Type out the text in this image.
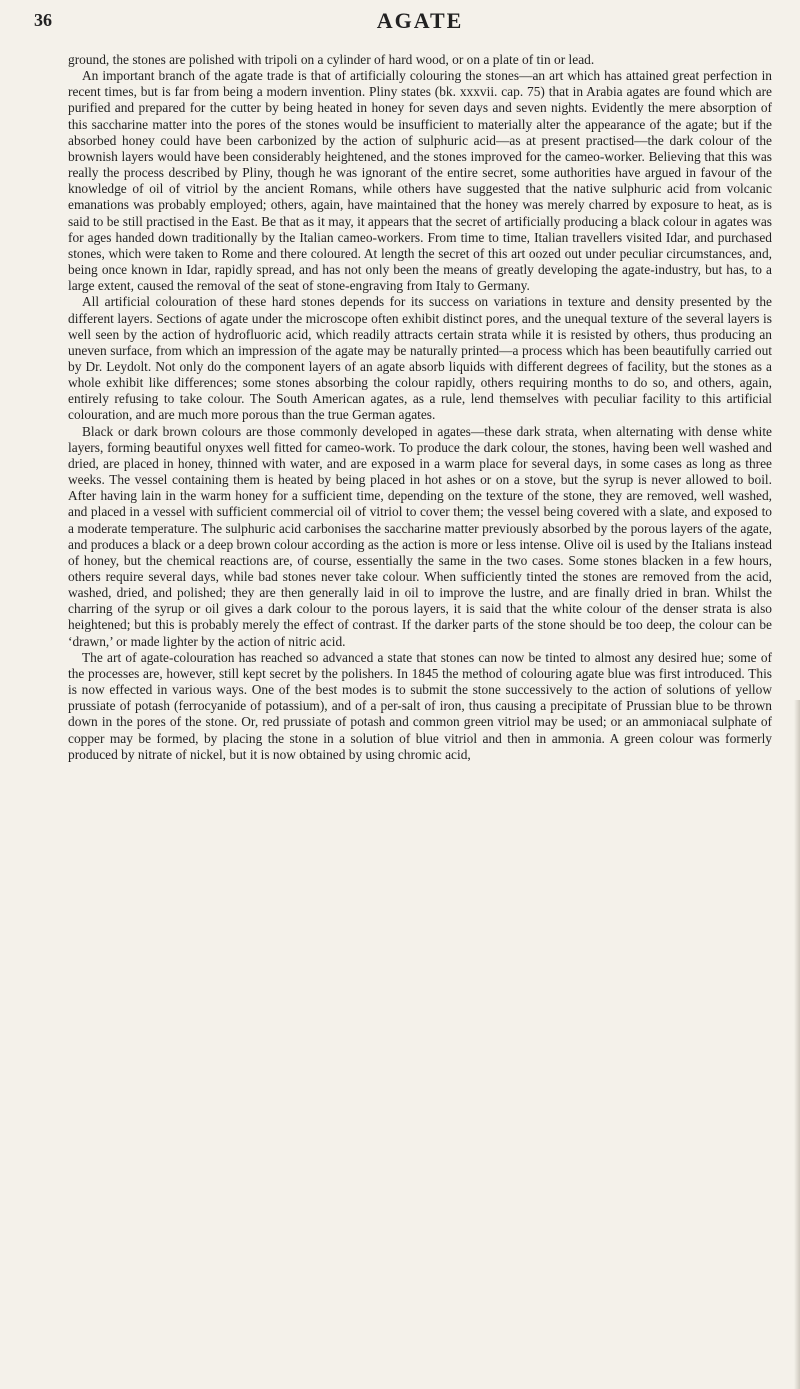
36	AGATE

ground, the stones are polished with tripoli on a cylinder of hard wood, or on a plate of tin or lead.

An important branch of the agate trade is that of artificially colouring the stones—an art which has attained great perfection in recent times, but is far from being a modern invention. Pliny states (bk. xxxvii. cap. 75) that in Arabia agates are found which are purified and prepared for the cutter by being heated in honey for seven days and seven nights. Evidently the mere absorption of this saccharine matter into the pores of the stones would be insufficient to materially alter the appearance of the agate; but if the absorbed honey could have been carbonized by the action of sulphuric acid—as at present practised—the dark colour of the brownish layers would have been considerably heightened, and the stones improved for the cameo-worker. Believing that this was really the process described by Pliny, though he was ignorant of the entire secret, some authorities have argued in favour of the knowledge of oil of vitriol by the ancient Romans, while others have suggested that the native sulphuric acid from volcanic emanations was probably employed; others, again, have maintained that the honey was merely charred by exposure to heat, as is said to be still practised in the East. Be that as it may, it appears that the secret of artificially producing a black colour in agates was for ages handed down traditionally by the Italian cameo-workers. From time to time, Italian travellers visited Idar, and purchased stones, which were taken to Rome and there coloured. At length the secret of this art oozed out under peculiar circumstances, and, being once known in Idar, rapidly spread, and has not only been the means of greatly developing the agate-industry, but has, to a large extent, caused the removal of the seat of stone-engraving from Italy to Germany.

All artificial colouration of these hard stones depends for its success on variations in texture and density presented by the different layers. Sections of agate under the microscope often exhibit distinct pores, and the unequal texture of the several layers is well seen by the action of hydrofluoric acid, which readily attracts certain strata while it is resisted by others, thus producing an uneven surface, from which an impression of the agate may be naturally printed—a process which has been beautifully carried out by Dr. Leydolt. Not only do the component layers of an agate absorb liquids with different degrees of facility, but the stones as a whole exhibit like differences; some stones absorbing the colour rapidly, others requiring months to do so, and others, again, entirely refusing to take colour. The South American agates, as a rule, lend themselves with peculiar facility to this artificial colouration, and are much more porous than the true German agates.

Black or dark brown colours are those commonly developed in agates—these dark strata, when alternating with dense white layers, forming beautiful onyxes well fitted for cameo-work. To produce the dark colour, the stones, having been well washed and dried, are placed in honey, thinned with water, and are exposed in a warm place for several days, in some cases as long as three weeks. The vessel containing them is heated by being placed in hot ashes or on a stove, but the syrup is never allowed to boil. After having lain in the warm honey for a sufficient time, depending on the texture of the stone, they are removed, well washed, and placed in a vessel with sufficient commercial oil of vitriol to cover them; the vessel being covered with a slate, and exposed to a moderate temperature. The sulphuric acid carbonises the saccharine matter previously absorbed by the porous layers of the agate, and produces a black or a deep brown colour according as the action is more or less intense. Olive oil is used by the Italians instead of honey, but the chemical reactions are, of course, essentially the same in the two cases. Some stones blacken in a few hours, others require several days, while bad stones never take colour. When sufficiently tinted the stones are removed from the acid, washed, dried, and polished; they are then generally laid in oil to improve the lustre, and are finally dried in bran. Whilst the charring of the syrup or oil gives a dark colour to the porous layers, it is said that the white colour of the denser strata is also heightened; but this is probably merely the effect of contrast. If the darker parts of the stone should be too deep, the colour can be ‘drawn,’ or made lighter by the action of nitric acid.

The art of agate-colouration has reached so advanced a state that stones can now be tinted to almost any desired hue; some of the processes are, however, still kept secret by the polishers. In 1845 the method of colouring agate blue was first introduced. This is now effected in various ways. One of the best modes is to submit the stone successively to the action of solutions of yellow prussiate of potash (ferrocyanide of potassium), and of a per-salt of iron, thus causing a precipitate of Prussian blue to be thrown down in the pores of the stone. Or, red prussiate of potash and common green vitriol may be used; or an ammoniacal sulphate of copper may be formed, by placing the stone in a solution of blue vitriol and then in ammonia. A green colour was formerly produced by nitrate of nickel, but it is now obtained by using chromic acid,
